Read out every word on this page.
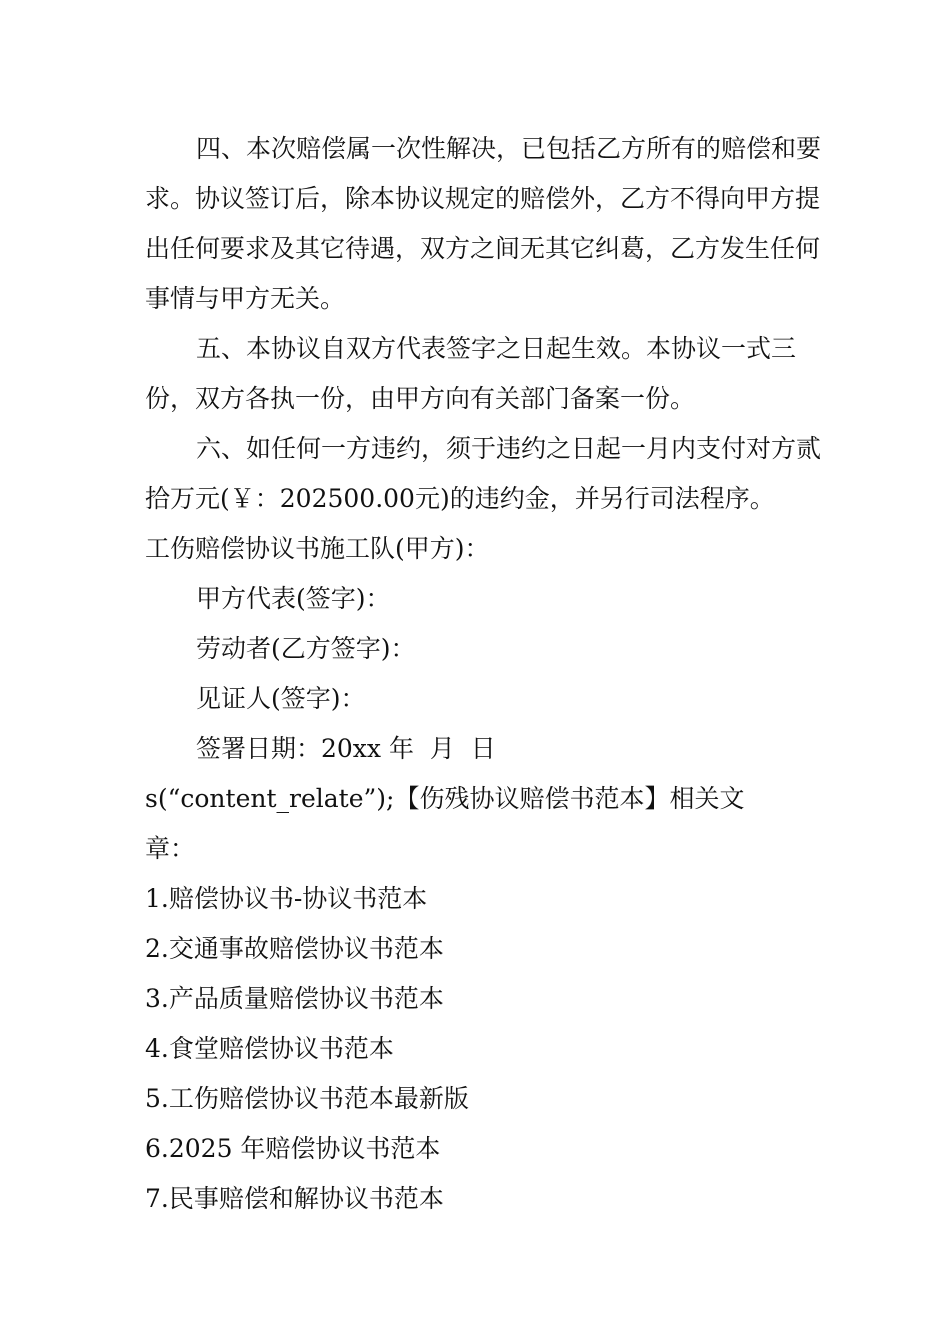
四、本次赔偿属一次性解决，已包括乙方所有的赔偿和要求。协议签订后，除本协议规定的赔偿外，乙方不得向甲方提出任何要求及其它待遇，双方之间无其它纠葛，乙方发生任何事情与甲方无关。

五、本协议自双方代表签字之日起生效。本协议一式三份，双方各执一份，由甲方向有关部门备案一份。

六、如任何一方违约，须于违约之日起一月内支付对方贰拾万元(￥：202500.00元)的违约金，并另行司法程序。

工伤赔偿协议书施工队(甲方)：

甲方代表(签字)：

劳动者(乙方签字)：

见证人(签字)：

签署日期：20xx 年  月  日

s(“content_relate”);【伤残协议赔偿书范本】相关文

章：

1.赔偿协议书-协议书范本
2.交通事故赔偿协议书范本
3.产品质量赔偿协议书范本
4.食堂赔偿协议书范本
5.工伤赔偿协议书范本最新版
6.2025 年赔偿协议书范本
7.民事赔偿和解协议书范本
